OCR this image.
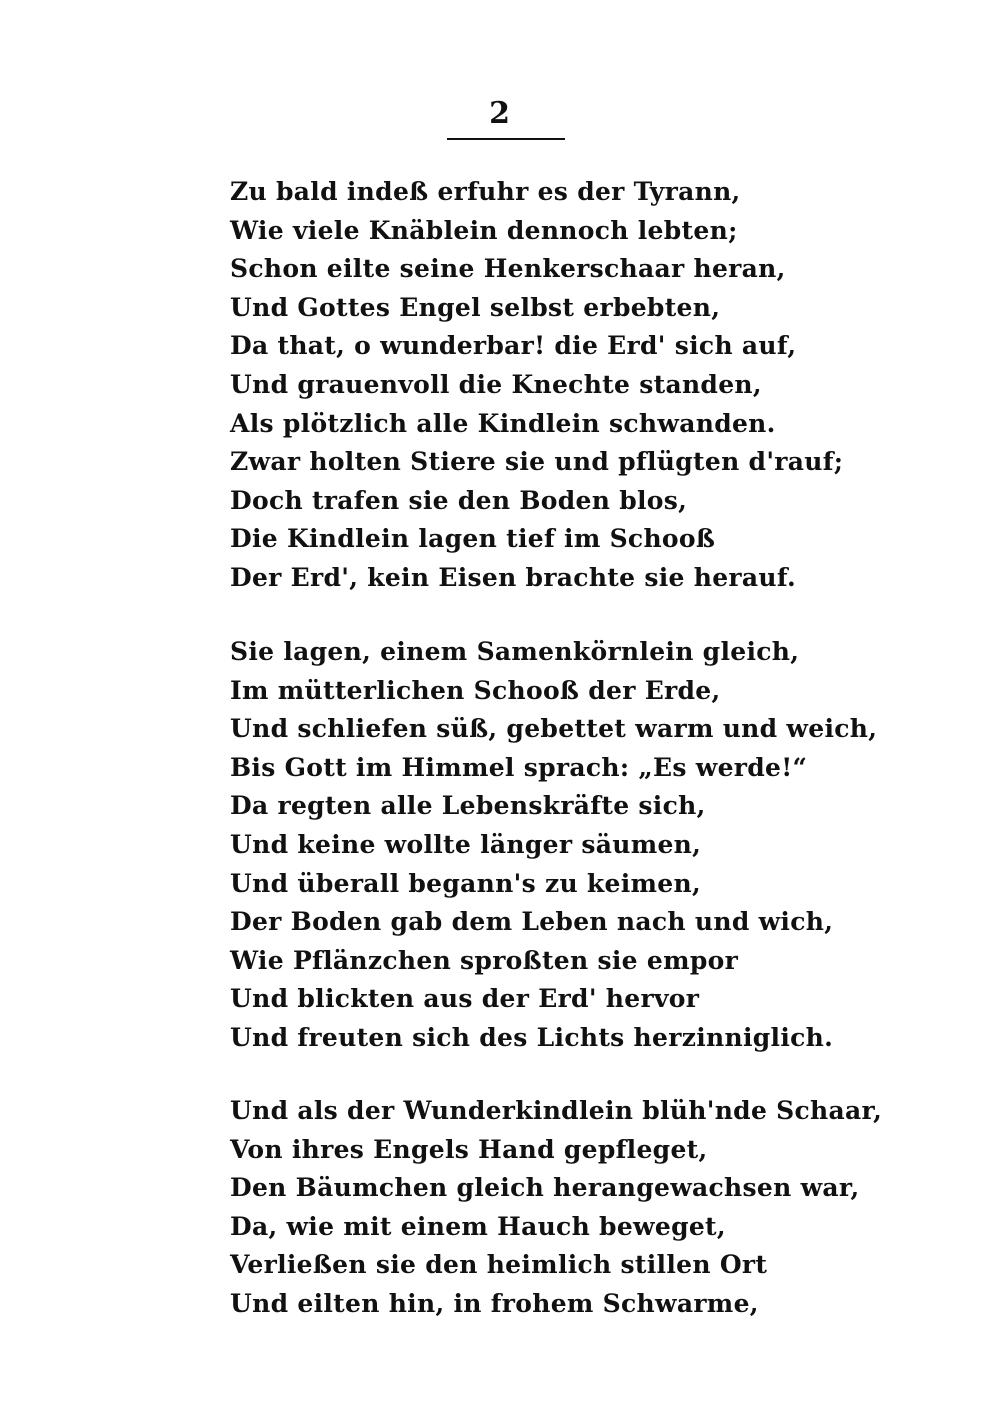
2
Zu bald indeß erfuhr es der Tyrann,
Wie viele Knäblein dennoch lebten;
Schon eilte seine Henkerschaar heran,
Und Gottes Engel selbst erbebten,
Da that, o wunderbar! die Erd' sich auf,
Und grauenvoll die Knechte standen,
Als plötzlich alle Kindlein schwanden.
Zwar holten Stiere sie und pflügten d'rauf;
Doch trafen sie den Boden blos,
Die Kindlein lagen tief im Schooß
Der Erd', kein Eisen brachte sie herauf.
Sie lagen, einem Samenkörnlein gleich,
Im mütterlichen Schooß der Erde,
Und schliefen süß, gebettet warm und weich,
Bis Gott im Himmel sprach: „Es werde!“
Da regten alle Lebenskräfte sich,
Und keine wollte länger säumen,
Und überall begann's zu keimen,
Der Boden gab dem Leben nach und wich,
Wie Pflänzchen sproßten sie empor
Und blickten aus der Erd' hervor
Und freuten sich des Lichts herzinniglich.
Und als der Wunderkindlein blüh'nde Schaar,
Von ihres Engels Hand gepfleget,
Den Bäumchen gleich herangewachsen war,
Da, wie mit einem Hauch beweget,
Verließen sie den heimlich stillen Ort
Und eilten hin, in frohem Schwarme,
